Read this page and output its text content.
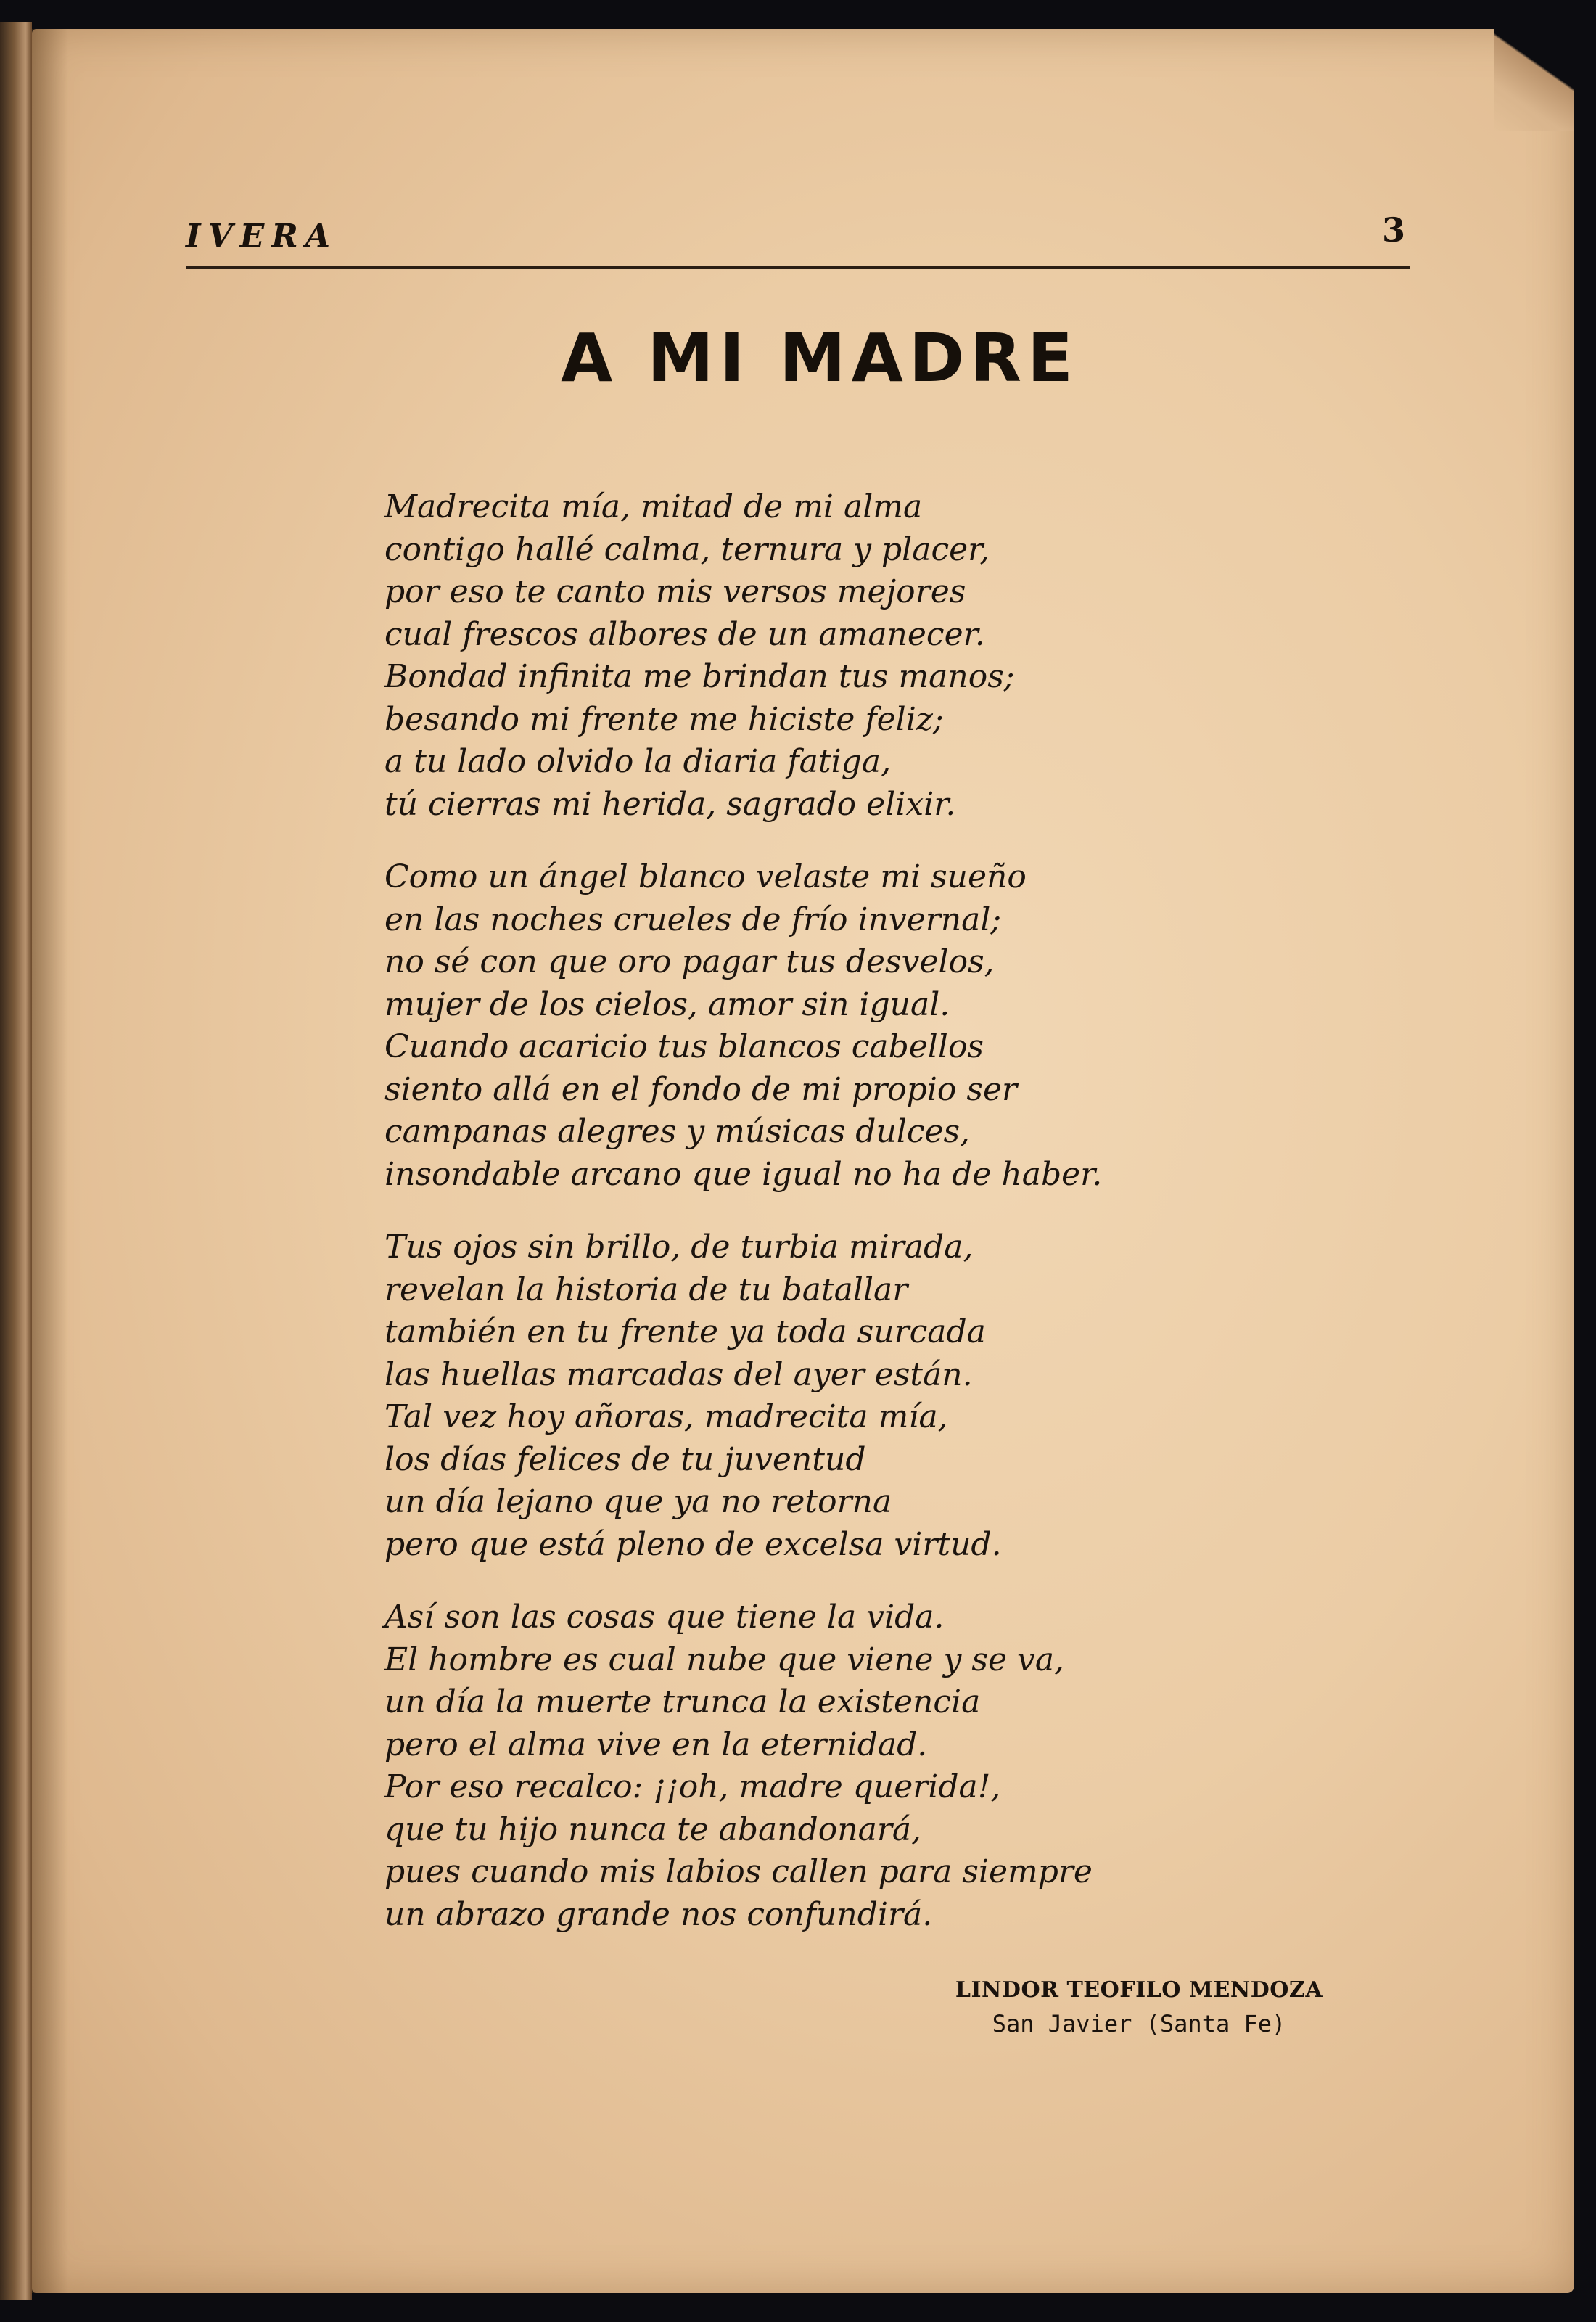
IVERA	3
A MI MADRE
Madrecita mía, mitad de mi alma
contigo hallé calma, ternura y placer,
por eso te canto mis versos mejores
cual frescos albores de un amanecer.
Bondad infinita me brindan tus manos;
besando mi frente me hiciste feliz;
a tu lado olvido la diaria fatiga,
tú cierras mi herida, sagrado elixir.
Como un ángel blanco velaste mi sueño
en las noches crueles de frío invernal;
no sé con que oro pagar tus desvelos,
mujer de los cielos, amor sin igual.
Cuando acaricio tus blancos cabellos
siento allá en el fondo de mi propio ser
campanas alegres y músicas dulces,
insondable arcano que igual no ha de haber.
Tus ojos sin brillo, de turbia mirada,
revelan la historia de tu batallar
también en tu frente ya toda surcada
las huellas marcadas del ayer están.
Tal vez hoy añoras, madrecita mía,
los días felices de tu juventud
un día lejano que ya no retorna
pero que está pleno de excelsa virtud.
Así son las cosas que tiene la vida.
El hombre es cual nube que viene y se va,
un día la muerte trunca la existencia
pero el alma vive en la eternidad.
Por eso recalco: ¡¡oh, madre querida!,
que tu hijo nunca te abandonará,
pues cuando mis labios callen para siempre
un abrazo grande nos confundirá.
LINDOR TEOFILO MENDOZA
San Javier (Santa Fe)
